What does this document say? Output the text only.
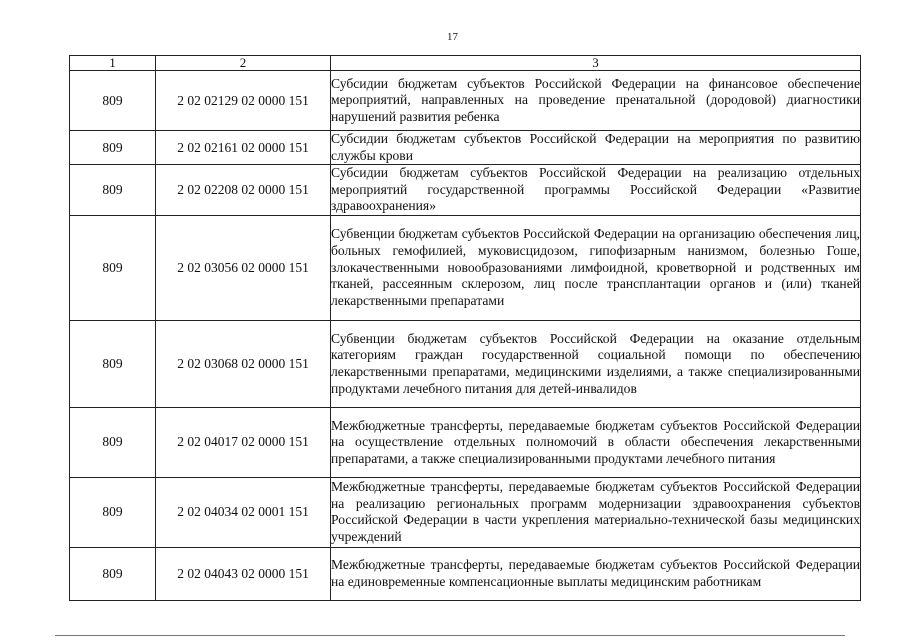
17
1	2	3
809	2 02 02129 02 0000 151	Субсидии бюджетам субъектов Российской Федерации на финансовое обеспечение мероприятий, направленных на проведение пренатальной (дородовой) диагностики нарушений развития ребенка
809	2 02 02161 02 0000 151	Субсидии бюджетам субъектов Российской Федерации на мероприятия по развитию службы крови
809	2 02 02208 02 0000 151	Субсидии бюджетам субъектов Российской Федерации на реализацию отдельных мероприятий государственной программы Российской Федерации «Развитие здравоохранения»
809	2 02 03056 02 0000 151	Субвенции бюджетам субъектов Российской Федерации на организацию обеспечения лиц, больных гемофилией, муковисцидозом, гипофизарным нанизмом, болезнью Гоше, злокачественными новообразованиями лимфоидной, кроветворной и родственных им тканей, рассеянным склерозом, лиц после трансплантации органов и (или) тканей лекарственными препаратами
809	2 02 03068 02 0000 151	Субвенции бюджетам субъектов Российской Федерации на оказание отдельным категориям граждан государственной социальной помощи по обеспечению лекарственными препаратами, медицинскими изделиями, а также специализированными продуктами лечебного питания для детей-инвалидов
809	2 02 04017 02 0000 151	Межбюджетные трансферты, передаваемые бюджетам субъектов Российской Федерации на осуществление отдельных полномочий в области обеспечения лекарственными препаратами, а также специализированными продуктами лечебного питания
809	2 02 04034 02 0001 151	Межбюджетные трансферты, передаваемые бюджетам субъектов Российской Федерации на реализацию региональных программ модернизации здравоохранения субъектов Российской Федерации в части укрепления материально-технической базы медицинских учреждений
809	2 02 04043 02 0000 151	Межбюджетные трансферты, передаваемые бюджетам субъектов Российской Федерации на единовременные компенсационные выплаты медицинским работникам
